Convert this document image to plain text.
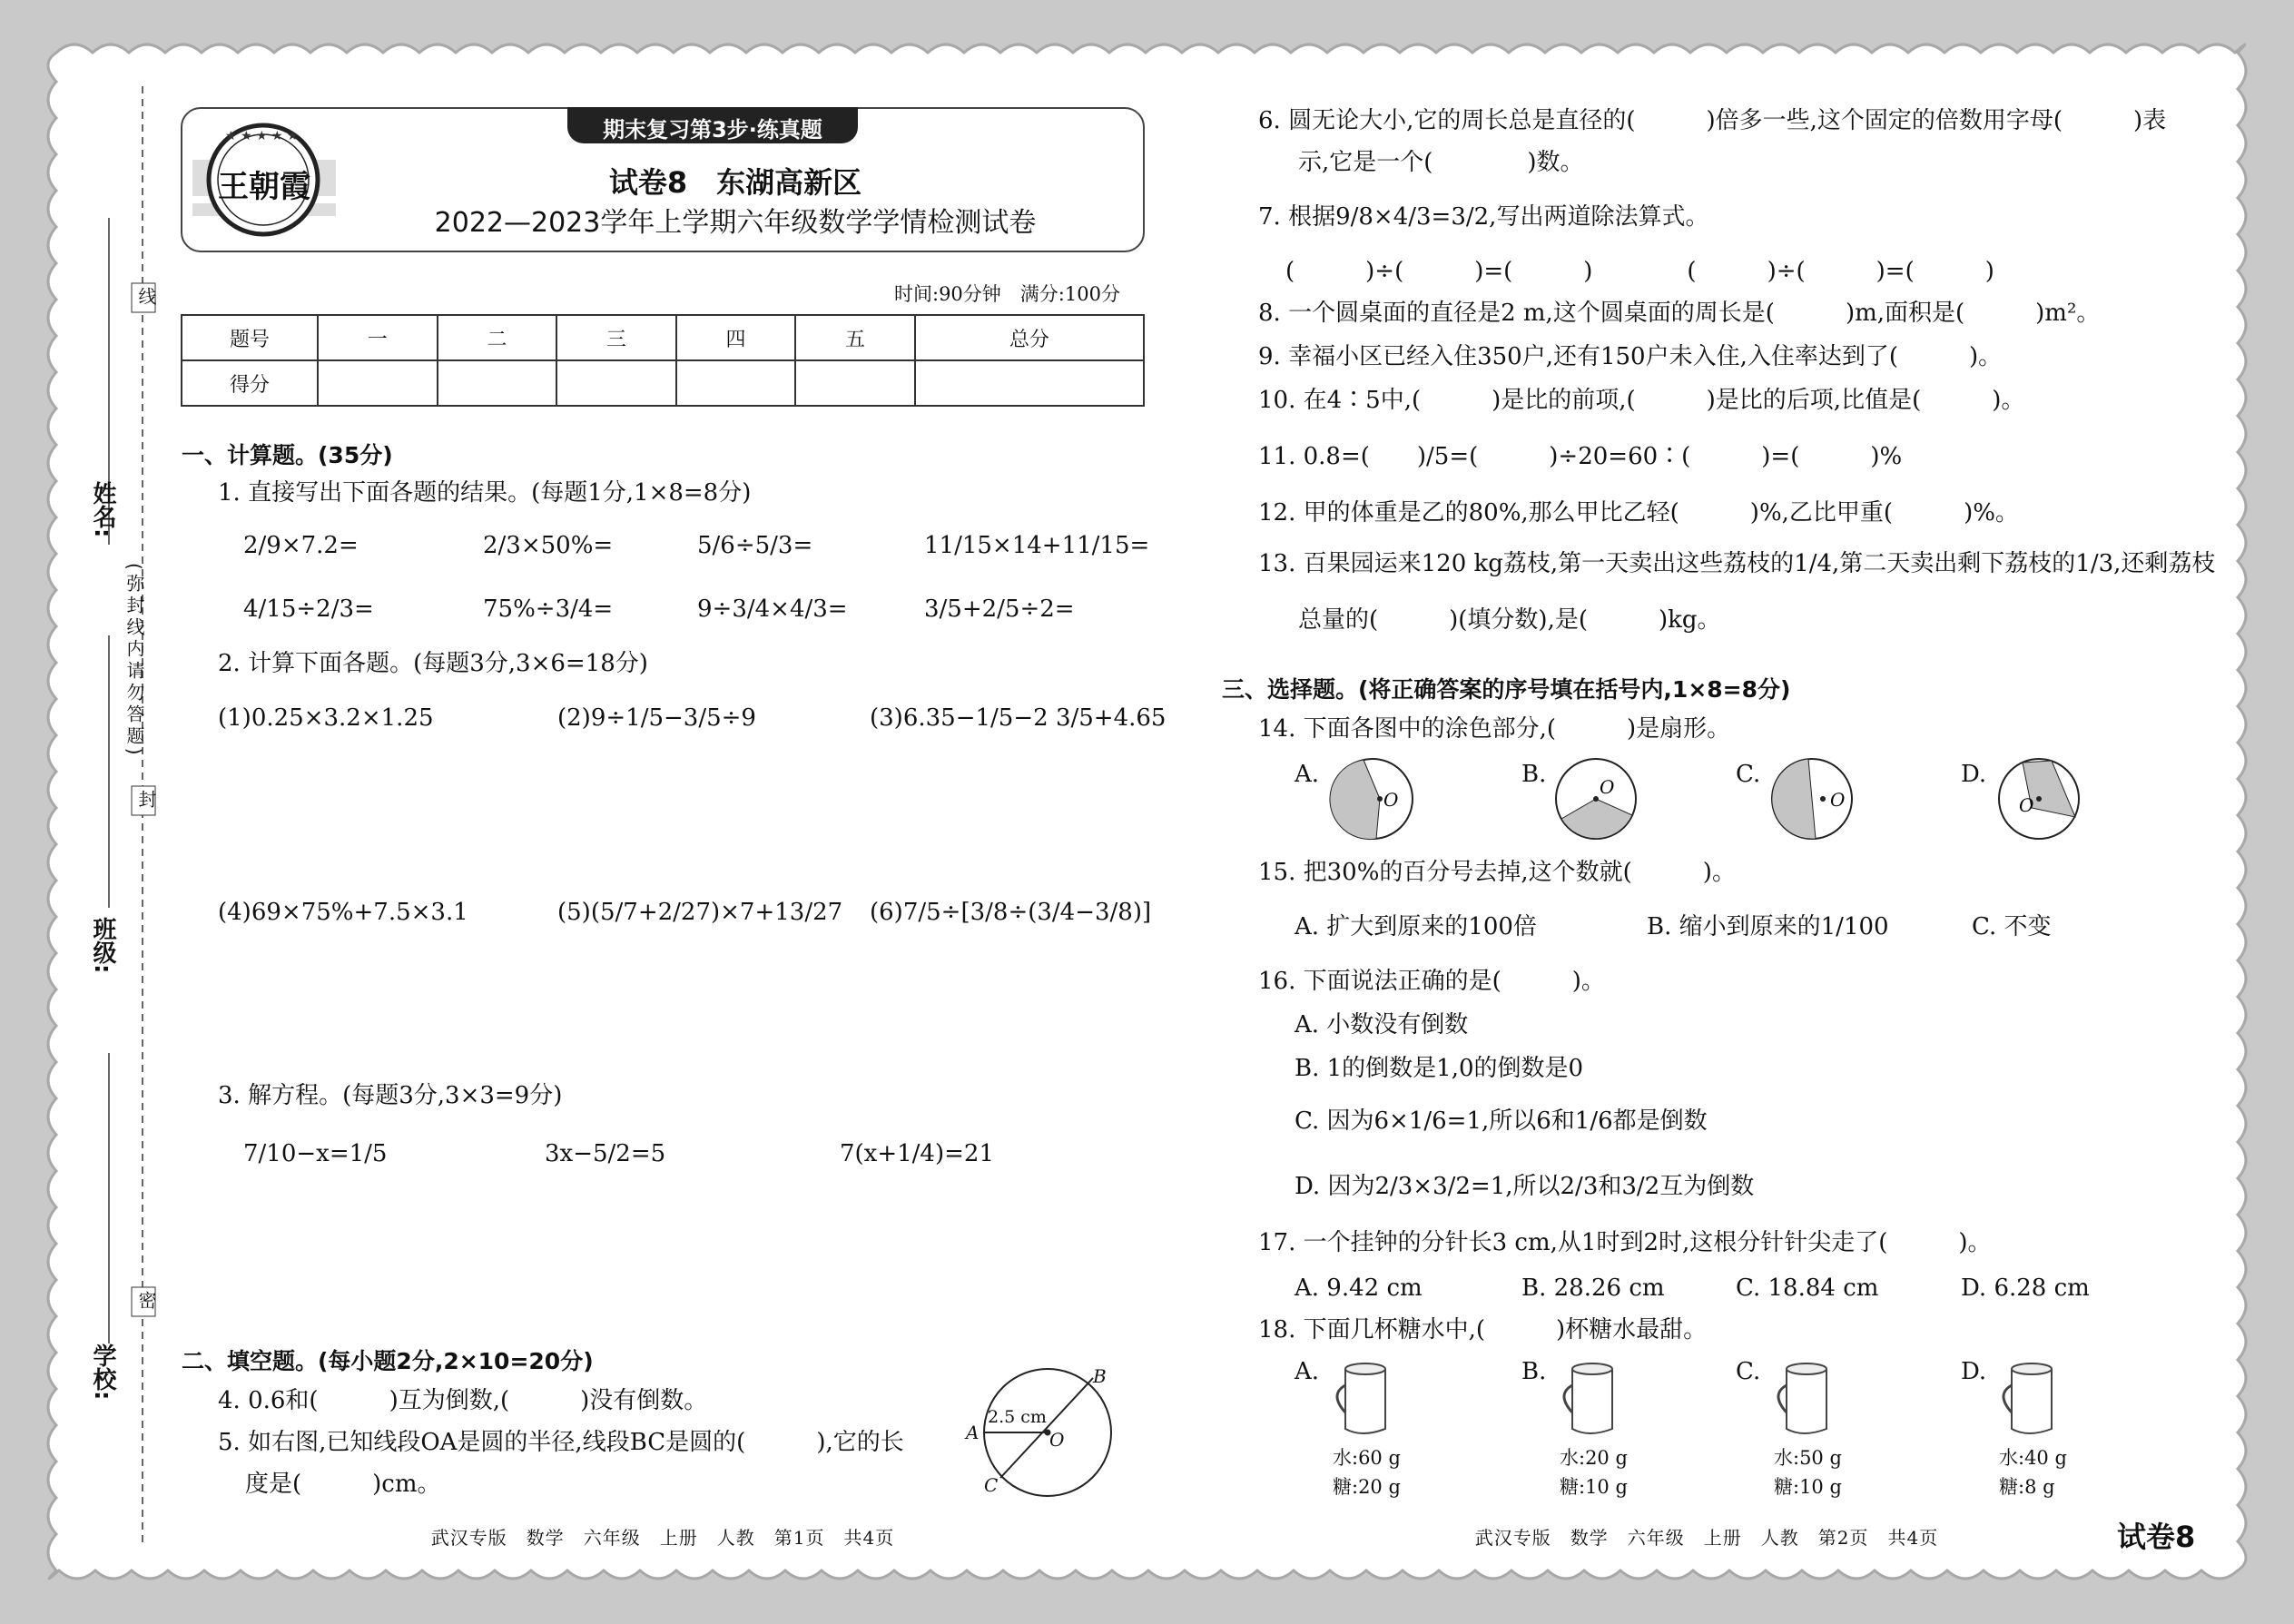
线
封
密
(弥封线内请勿答题)
姓名:
班级:
学校:
期末复习第3步·练真题
★ ★ ★ ★ ★
王朝霞	试卷8　东湖高新区
2022—2023学年上学期六年级数学学情检测试卷
时间:90分钟　满分:100分
题号	一	二	三	四	五	总分
得分						
一、计算题。(35分)
1. 直接写出下面各题的结果。(每题1分,1×8=8分)
2/9×7.2=	2/3×50%=	5/6÷5/3=	11/15×14+11/15=
4/15÷2/3=	75%÷3/4=	9÷3/4×4/3=	3/5+2/5÷2=
2. 计算下面各题。(每题3分,3×6=18分)
(1)0.25×3.2×1.25	(2)9÷1/5−3/5÷9	(3)6.35−1/5−2 3/5+4.65
(4)69×75%+7.5×3.1	(5)(5/7+2/27)×7+13/27 (6)7/5÷[3/8÷(3/4−3/8)]
3. 解方程。(每题3分,3×3=9分)
7/10−x=1/5	3x−5/2=5	7(x+1/4)=21
二、填空题。(每小题2分,2×10=20分)
4. 0.6和(　　　)互为倒数,(　　　)没有倒数。
5. 如右图,已知线段OA是圆的半径,线段BC是圆的(　　　),它的长
度是(　　　)cm。
2.5 cm
A
B
C
O
武汉专版　数学　六年级　上册　人教　第1页　共4页
6. 圆无论大小,它的周长总是直径的(　　　)倍多一些,这个固定的倍数用字母(　　　)表
示,它是一个(　　　　)数。
7. 根据9/8×4/3=3/2,写出两道除法算式。
(　　　)÷(　　　)=(　　　)　　　　(　　　)÷(　　　)=(　　　)
8. 一个圆桌面的直径是2 m,这个圆桌面的周长是(　　　)m,面积是(　　　)m²。
9. 幸福小区已经入住350户,还有150户未入住,入住率达到了(　　　)。
10. 在4∶5中,(　　　)是比的前项,(　　　)是比的后项,比值是(　　　)。
11. 0.8=(　　)/5=(　　　)÷20=60∶(　　　)=(　　　)%
12. 甲的体重是乙的80%,那么甲比乙轻(　　　)%,乙比甲重(　　　)%。
13. 百果园运来120 kg荔枝,第一天卖出这些荔枝的1/4,第二天卖出剩下荔枝的1/3,还剩荔枝
总量的(　　　)(填分数),是(　　　)kg。
三、选择题。(将正确答案的序号填在括号内,1×8=8分)
14. 下面各图中的涂色部分,(　　　)是扇形。
A.	B.	C.	D.
O
O
O	O
15. 把30%的百分号去掉,这个数就(　　　)。
A. 扩大到原来的100倍	B. 缩小到原来的1/100	C. 不变
16. 下面说法正确的是(　　　)。
A. 小数没有倒数
B. 1的倒数是1,0的倒数是0
C. 因为6×1/6=1,所以6和1/6都是倒数
D. 因为2/3×3/2=1,所以2/3和3/2互为倒数
17. 一个挂钟的分针长3 cm,从1时到2时,这根分针针尖走了(　　　)。
A. 9.42 cm	B. 28.26 cm	C. 18.84 cm	D. 6.28 cm
18. 下面几杯糖水中,(　　　)杯糖水最甜。
A.
水:60 g
糖:20 g
B.
水:20 g
糖:10 g
C.
水:50 g
糖:10 g
D.
水:40 g
糖:8 g
武汉专版　数学　六年级　上册　人教　第2页　共4页	试卷8
